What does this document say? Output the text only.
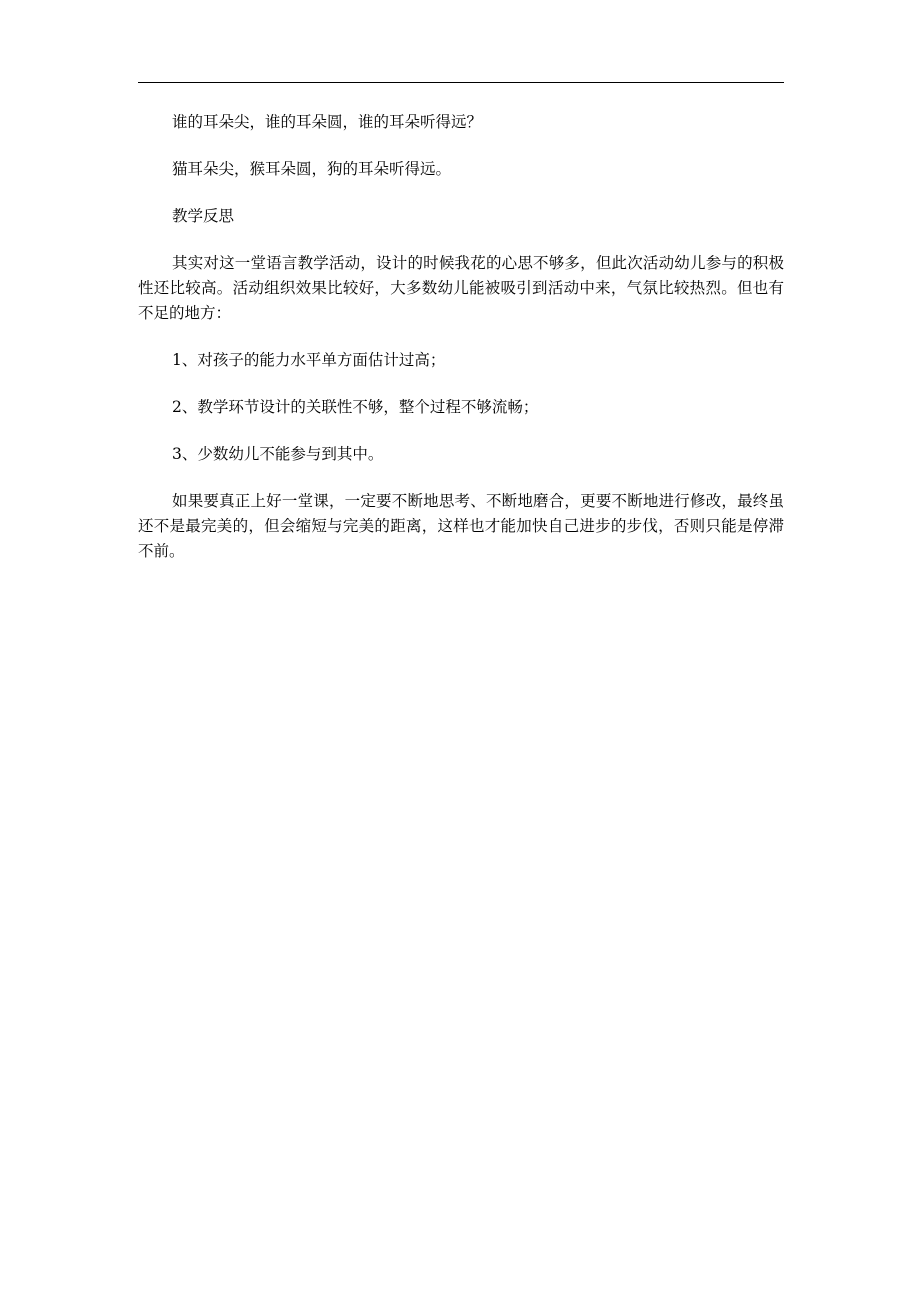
谁的耳朵尖，谁的耳朵圆，谁的耳朵听得远？

猫耳朵尖，猴耳朵圆，狗的耳朵听得远。

教学反思

其实对这一堂语言教学活动，设计的时候我花的心思不够多，但此次活动幼儿参与的积极性还比较高。活动组织效果比较好，大多数幼儿能被吸引到活动中来，气氛比较热烈。但也有不足的地方：

1、对孩子的能力水平单方面估计过高；

2、教学环节设计的关联性不够，整个过程不够流畅；

3、少数幼儿不能参与到其中。

如果要真正上好一堂课，一定要不断地思考、不断地磨合，更要不断地进行修改，最终虽还不是最完美的，但会缩短与完美的距离，这样也才能加快自己进步的步伐，否则只能是停滞不前。
